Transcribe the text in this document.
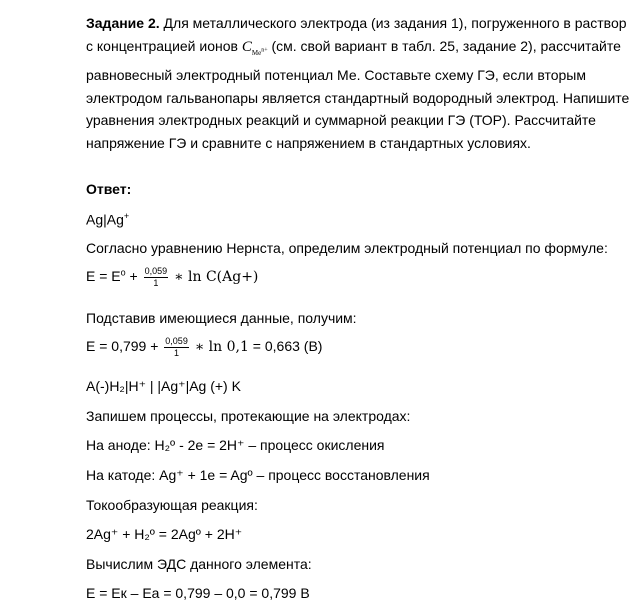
Задание 2. Для металлического электрода (из задания 1), погруженного в раствор с концентрацией ионов $C_{Me^{n+}}$ (см. свой вариант в табл. 25, задание 2), рассчитайте равновесный электродный потенциал Ме. Составьте схему ГЭ, если вторым электродом гальванопары является стандартный водородный электрод. Напишите уравнения электродных реакций и суммарной реакции ГЭ (ТОР). Рассчитайте напряжение ГЭ и сравните с напряжением в стандартных условиях.
Ответ:
Ag|Ag+
Согласно уравнению Нернста, определим электродный потенциал по формуле:
$E = E^o + \frac{0,059}{1}$ ∗ ln C(Ag+)
Подставив имеющиеся данные, получим:
$E = 0,799 + \frac{0,059}{1}$ ∗ ln 0,1 = 0,663 (В)
A(-)H₂|H⁺ | |Ag⁺|Ag (+) K
Запишем процессы, протекающие на электродах:
На аноде: H₂º - 2e = 2H⁺ – процесс окисления
На катоде: Ag⁺ + 1e = Agº – процесс восстановления
Токообразующая реакция:
2Ag⁺ + H₂º = 2Agº + 2H⁺
Вычислим ЭДС данного элемента:
E = Eк – Eа = 0,799 – 0,0 = 0,799 В
